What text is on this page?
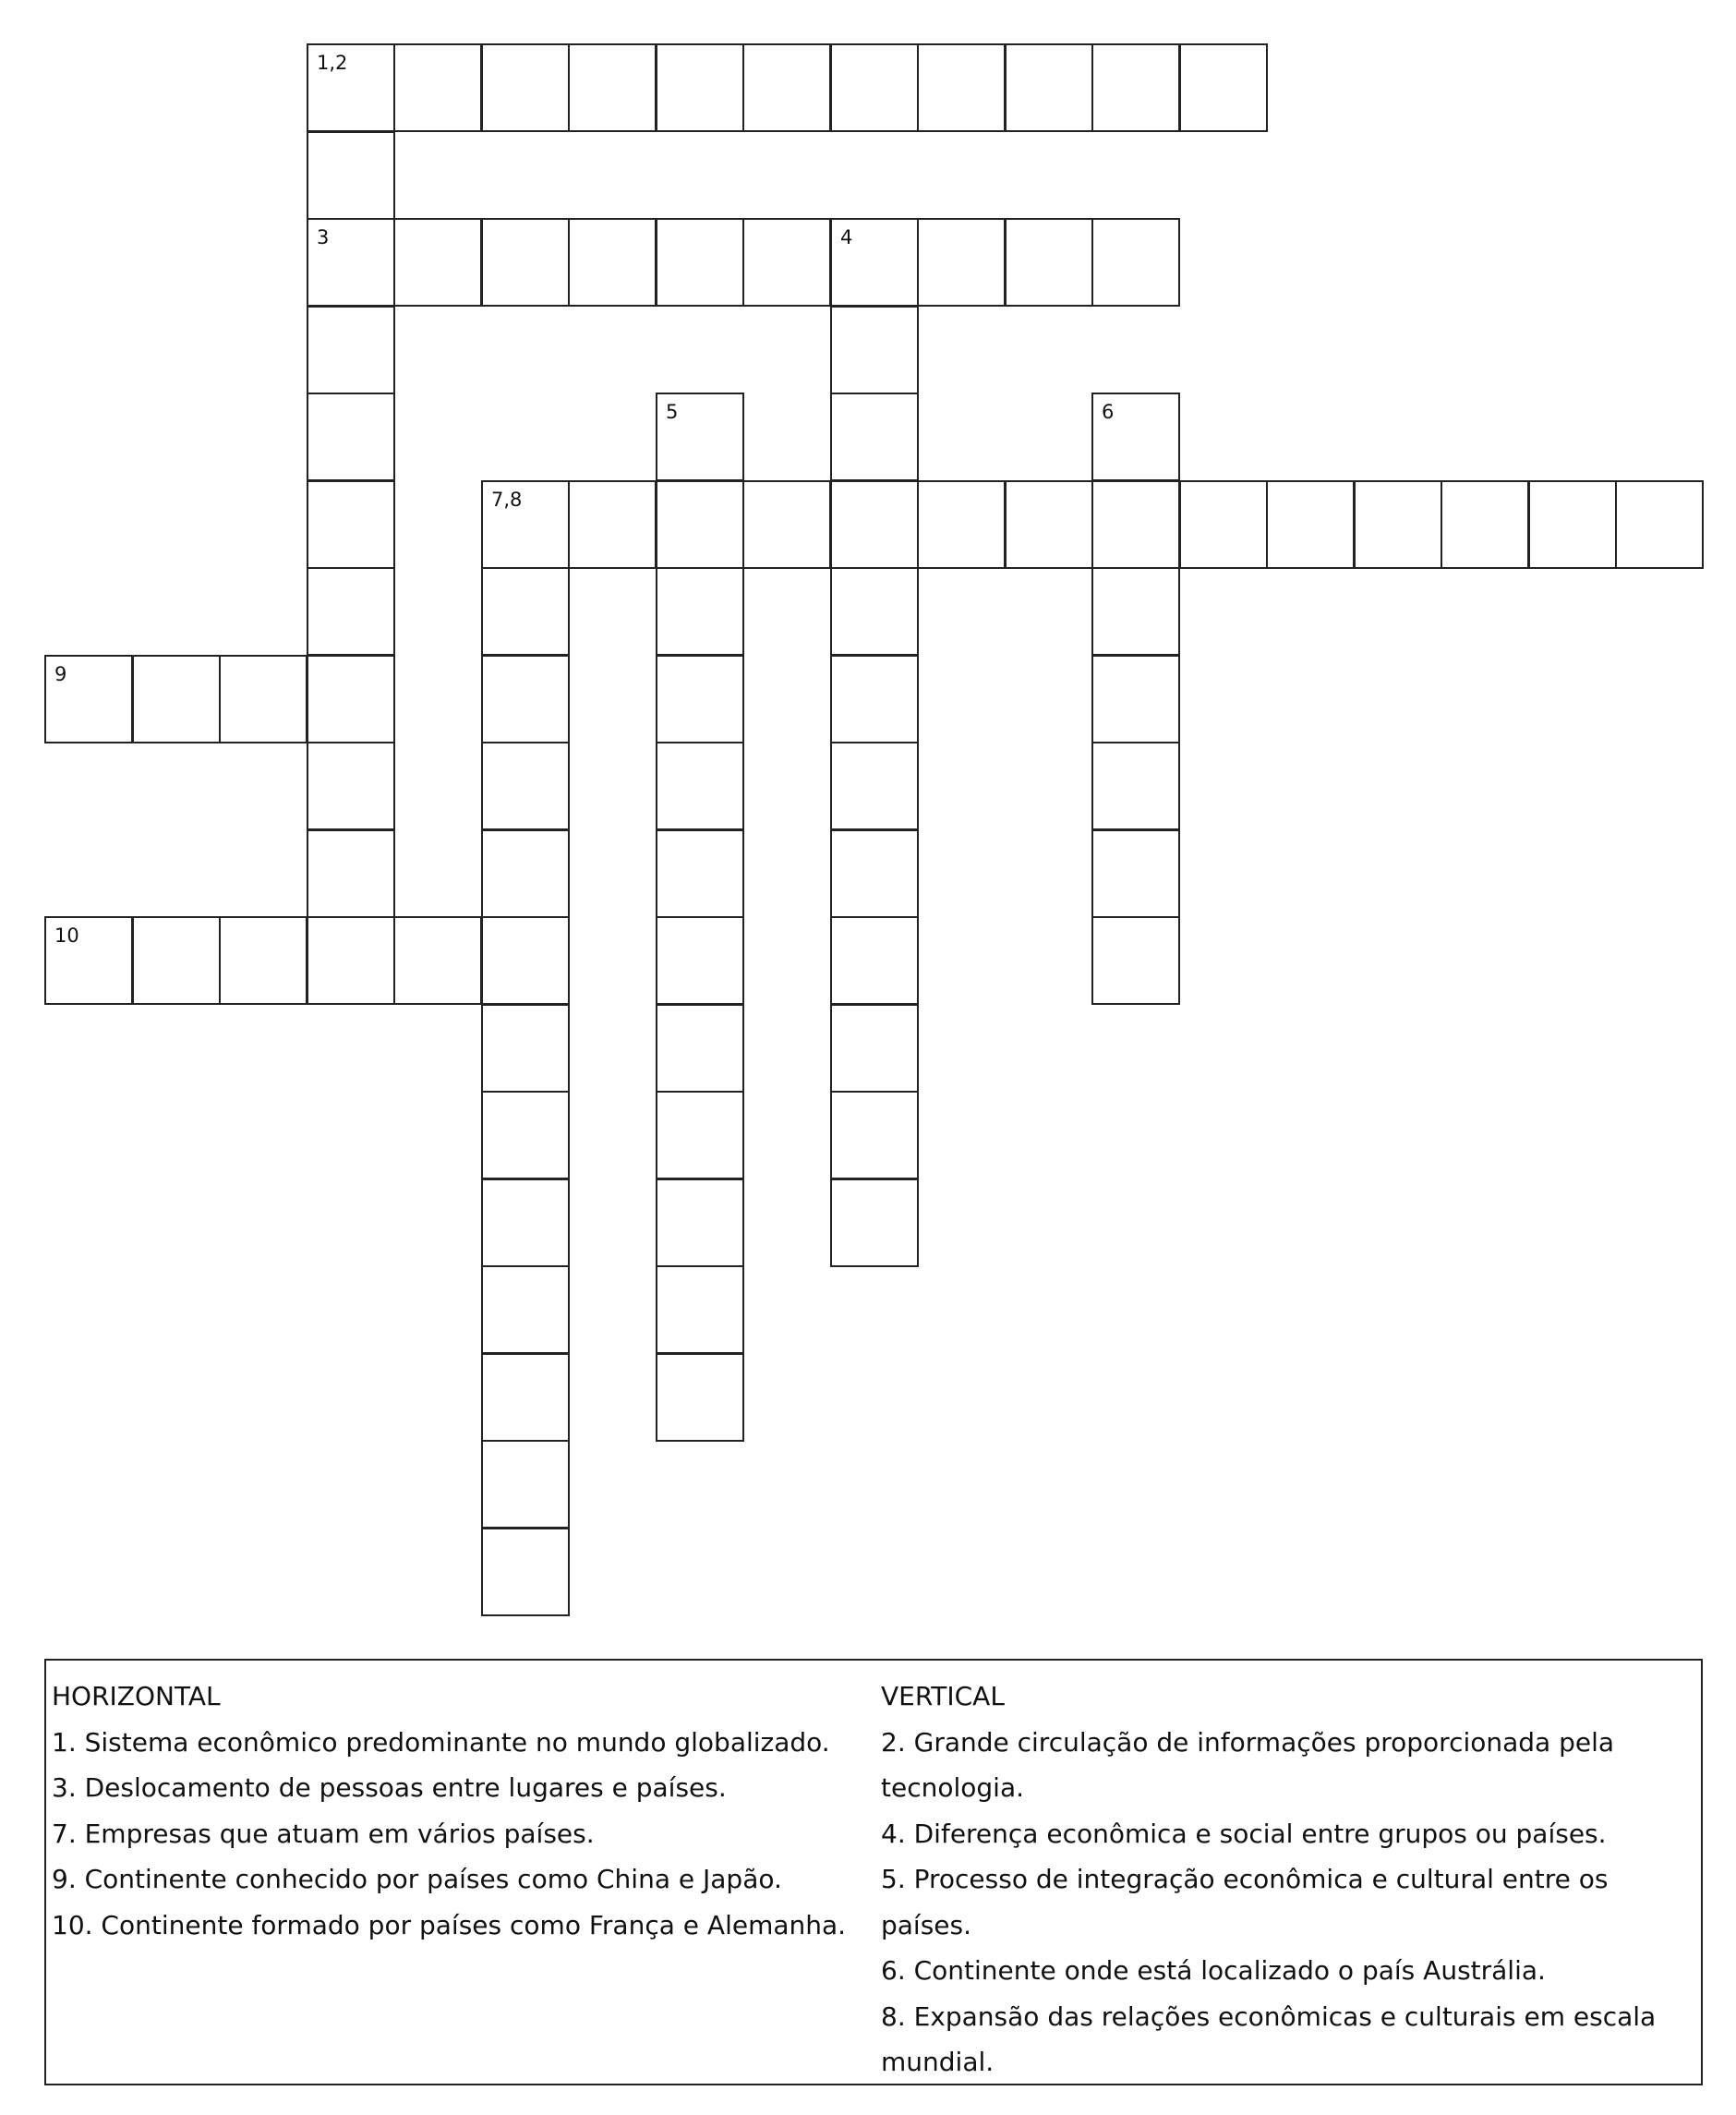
1,2
3	4
5	6
7,8
9
10

HORIZONTAL

1. Sistema econômico predominante no mundo globalizado.

3. Deslocamento de pessoas entre lugares e países.

7. Empresas que atuam em vários países.

9. Continente conhecido por países como China e Japão.

10. Continente formado por países como França e Alemanha.

VERTICAL

2. Grande circulação de informações proporcionada pela

tecnologia.

4. Diferença econômica e social entre grupos ou países.

5. Processo de integração econômica e cultural entre os países.

6. Continente onde está localizado o país Austrália.

8. Expansão das relações econômicas e culturais em escala

mundial.
